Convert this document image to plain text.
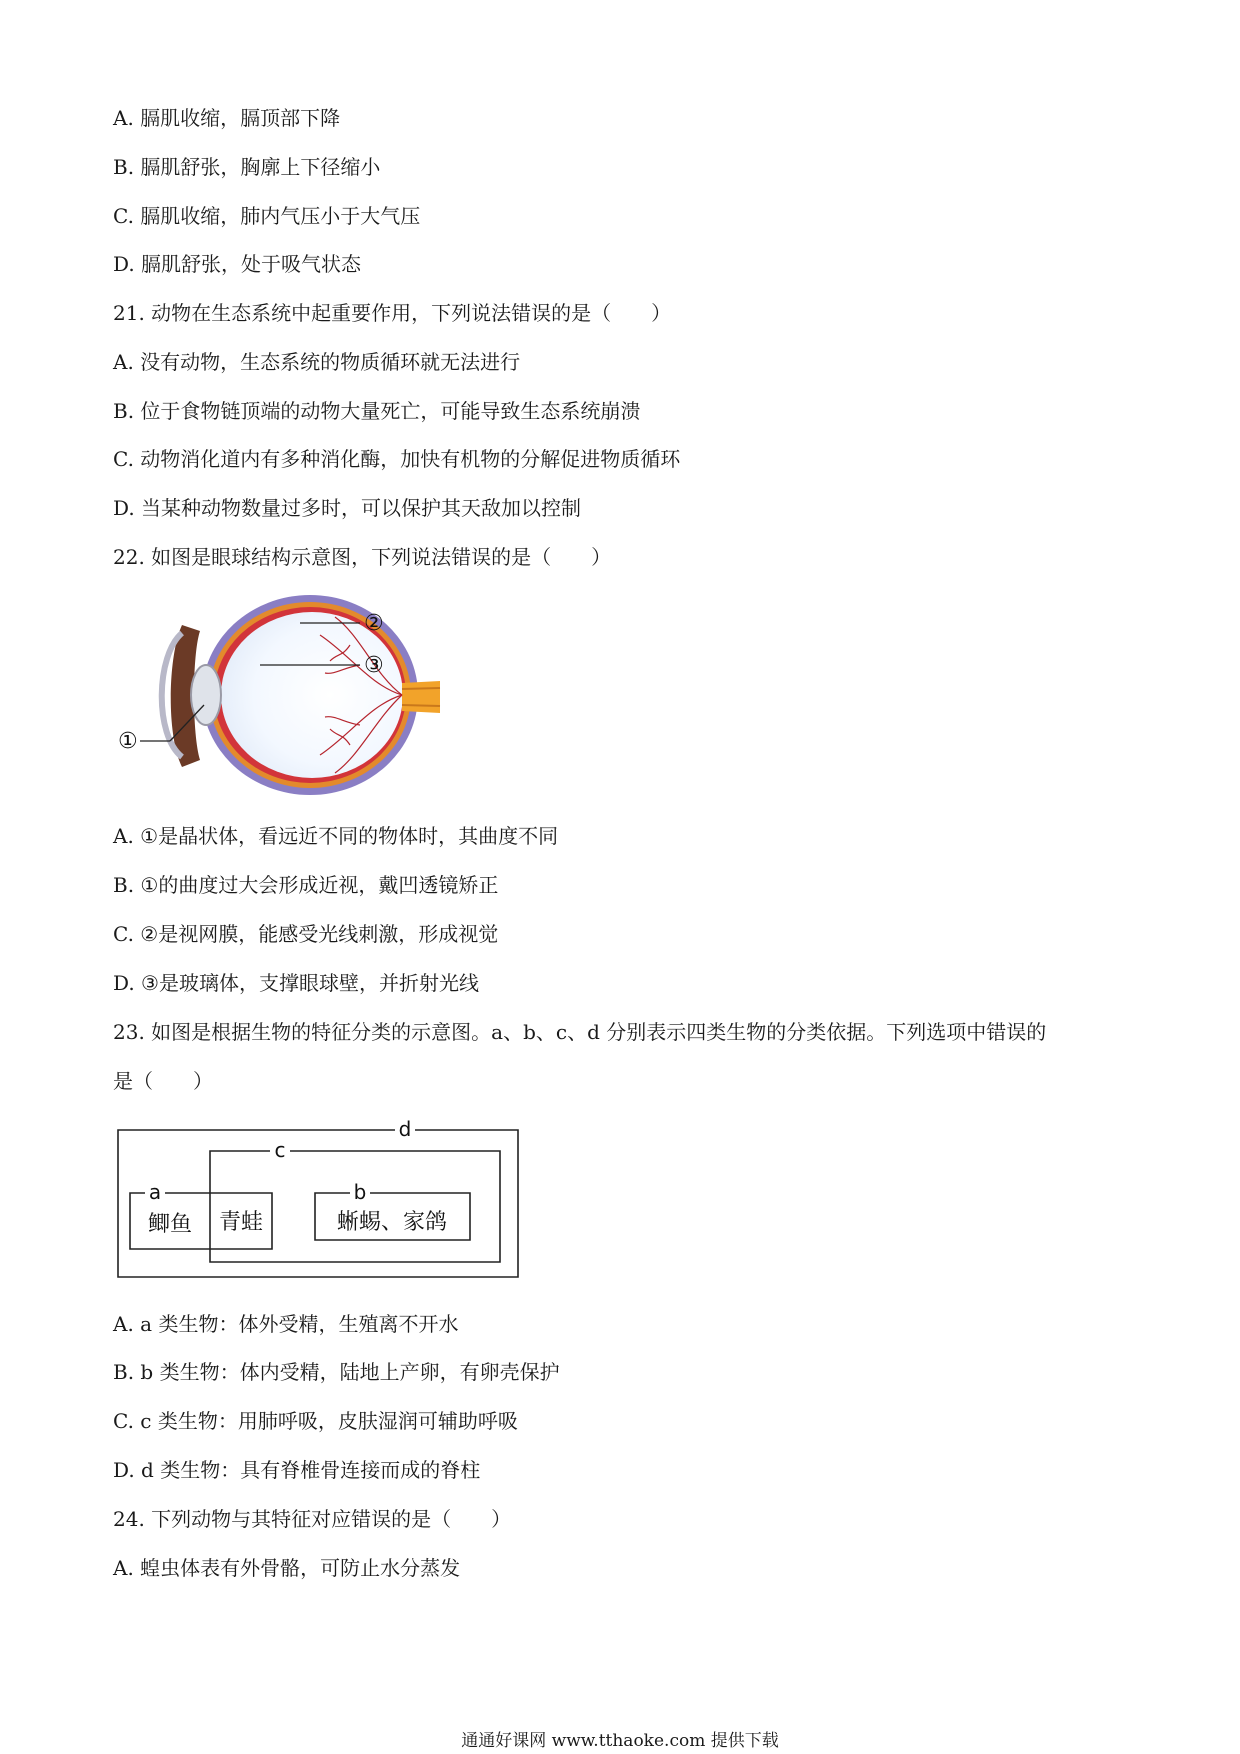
A. 膈肌收缩，膈顶部下降
B. 膈肌舒张，胸廓上下径缩小
C. 膈肌收缩，肺内气压小于大气压
D. 膈肌舒张，处于吸气状态
21. 动物在生态系统中起重要作用，下列说法错误的是（　　）
A. 没有动物，生态系统的物质循环就无法进行
B. 位于食物链顶端的动物大量死亡，可能导致生态系统崩溃
C. 动物消化道内有多种消化酶，加快有机物的分解促进物质循环
D. 当某种动物数量过多时，可以保护其天敌加以控制
22. 如图是眼球结构示意图，下列说法错误的是（　　）
②
③
①
A. ①是晶状体，看远近不同的物体时，其曲度不同
B. ①的曲度过大会形成近视，戴凹透镜矫正
C. ②是视网膜，能感受光线刺激，形成视觉
D. ③是玻璃体，支撑眼球壁，并折射光线
23. 如图是根据生物的特征分类的示意图。a、b、c、d 分别表示四类生物的分类依据。下列选项中错误的
是（　　）
d
c
a	b
鲫鱼 青蛙	蜥蜴、家鸽
A. a 类生物：体外受精，生殖离不开水
B. b 类生物：体内受精，陆地上产卵，有卵壳保护
C. c 类生物：用肺呼吸，皮肤湿润可辅助呼吸
D. d 类生物：具有脊椎骨连接而成的脊柱
24. 下列动物与其特征对应错误的是（　　）
A. 蝗虫体表有外骨骼，可防止水分蒸发
通通好课网 www.tthaoke.com 提供下载
